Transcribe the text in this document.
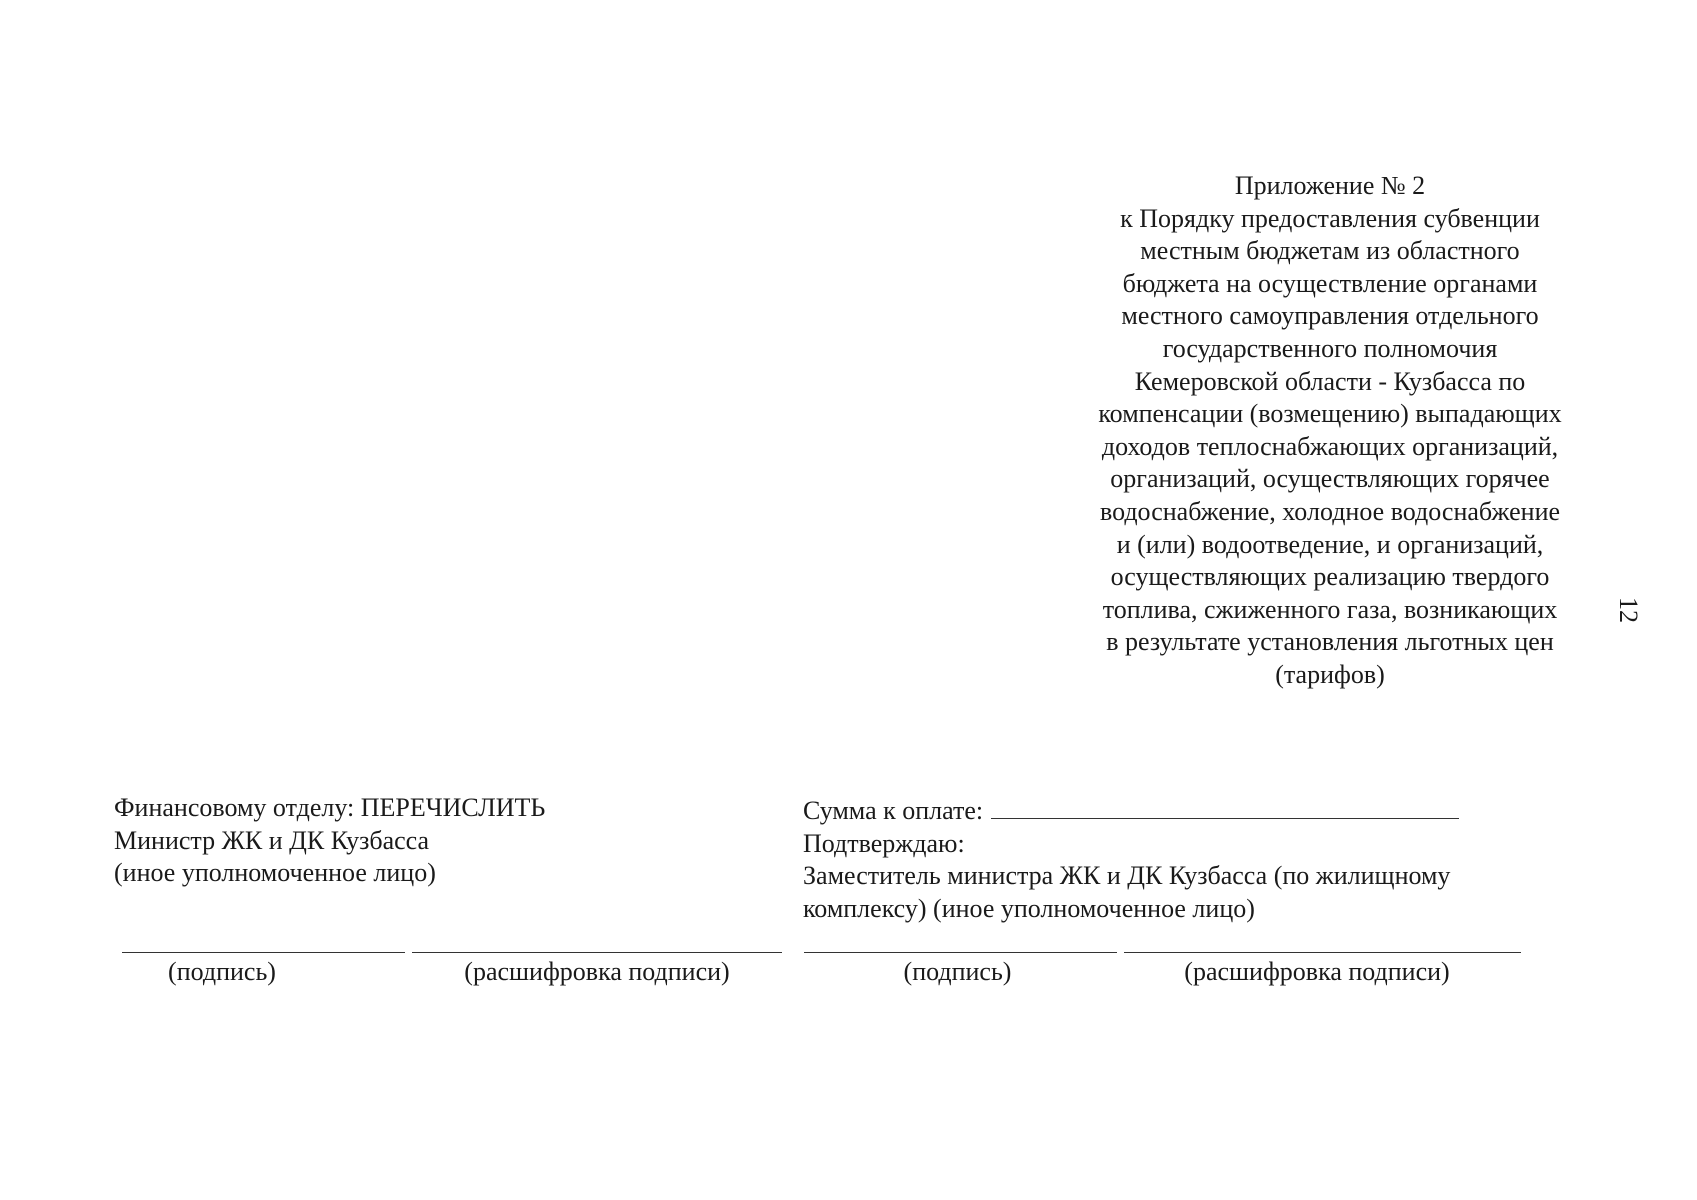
Приложение № 2
к Порядку предоставления субвенции
местным бюджетам из областного
бюджета на осуществление органами
местного самоуправления отдельного
государственного полномочия
Кемеровской области - Кузбасса по
компенсации (возмещению) выпадающих
доходов теплоснабжающих организаций,
организаций, осуществляющих горячее
водоснабжение, холодное водоснабжение
и (или) водоотведение, и организаций,
осуществляющих реализацию твердого
топлива, сжиженного газа, возникающих
в результате установления льготных цен
(тарифов)
12
Финансовому отделу: ПЕРЕЧИСЛИТЬ
Министр ЖК и ДК Кузбасса
(иное уполномоченное лицо)
Сумма к оплате:
Подтверждаю:
Заместитель министра ЖК и ДК Кузбасса (по жилищному
комплексу) (иное уполномоченное лицо)
(подпись)	(расшифровка подписи)	(подпись)	(расшифровка подписи)
